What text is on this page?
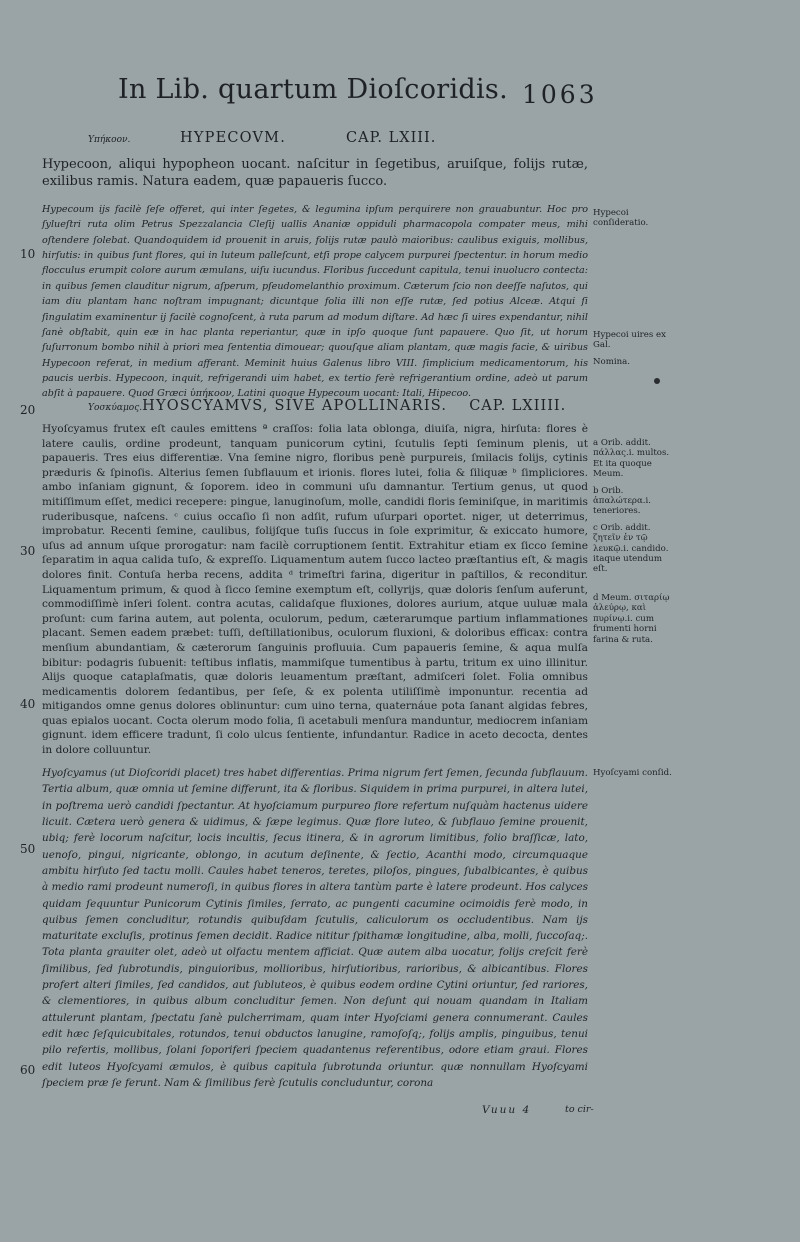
In Lib. quartum Dioſcoridis. 1063
Υπήκοον.	HYPECOVM.	CAP. LXIII.

Hypecoon, aliqui hypopheon uocant. naſcitur in ſegetibus, aruiſque, folijs rutæ, exilibus ramis. Natura eadem, quæ papaueris ſucco.

Hypecoum ijs facilè ſeſe offeret, qui inter ſegetes, & legumina ipſum perquirere non grauabuntur. Hoc pro ſylueſtri ruta olim Petrus Spezzalancia Cleſij uallis Ananiæ oppiduli pharmacopola compater meus, mihi oſtendere ſolebat. Quandoquidem id prouenit in aruis, folijs rutæ paulò maioribus: caulibus exiguis, mollibus, hirſutis: in quibus ſunt flores, qui in luteum palleſcunt, etſi prope calycem purpurei ſpectentur. in horum medio flocculus erumpit colore aurum æmulans, uiſu iucundus. Floribus ſuccedunt capitula, tenui inuolucro contecta: in quibus ſemen clauditur nigrum, aſperum, pſeudomelanthio proximum. Cæterum ſcio non deeſſe naſutos, qui iam diu plantam hanc noſtram impugnant; dicuntque folia illi non eſſe rutæ, ſed potius Alceæ. Atqui ſi ſingulatim examinentur ij facilè cognoſcent, à ruta parum ad modum diſtare. Ad hæc ſi uires expendantur, nihil ſanè obſtabit, quin eæ in hac planta reperiantur, quæ in ipſo quoque ſunt papauere. Quo ſit, ut horum ſuſurronum bombo nihil à priori mea ſententia dimouear; quouſque aliam plantam, quæ magis facie, & uiribus Hypecoon referat, in medium afferant. Meminit huius Galenus libro VIII. ſimplicium medicamentorum, his paucis uerbis. Hypecoon, inquit, refrigerandi uim habet, ex tertio ferè refrigerantium ordine, adeò ut parum abſit à papauere. Quod Græci ὑπήκοον, Latini quoque Hypecoum uocant: Itali, Hipecoo.

Υοσκύαμος. HYOSCYAMVS, SIVE APOLLINARIS. CAP. LXIIII.

Hyoſcyamus frutex eſt caules emittens ª craſſos: folia lata oblonga, diuiſa, nigra, hirſuta: flores è latere caulis, ordine prodeunt, tanquam punicorum cytini, ſcutulis ſepti ſeminum plenis, ut papaueris. Tres eius differentiæ. Vna ſemine nigro, floribus penè purpureis, ſmilacis folijs, cytinis præduris & ſpinoſis. Alterius ſemen ſubflauum et irionis. flores lutei, folia & ſiliquæ ᵇ ſimpliciores. ambo inſaniam gignunt, & ſoporem. ideo in communi uſu damnantur. Tertium genus, ut quod mitiſſimum eſſet, medici recepere: pingue, lanuginoſum, molle, candidi floris ſeminiſque, in maritimis ruderibusque, naſcens. ᶜ cuius occaſio ſi non adſit, rufum uſurpari oportet. niger, ut deterrimus, improbatur. Recenti ſemine, caulibus, folijſque tuſis ſuccus in ſole exprimitur, & exiccato humore, uſus ad annum uſque prorogatur: nam facilè corruptionem ſentit. Extrahitur etiam ex ſicco ſemine ſeparatim in aqua calida tuſo, & expreſſo. Liquamentum autem ſucco lacteo præſtantius eſt, & magis dolores finit. Contuſa herba recens, addita ᵈ trimeſtri farina, digeritur in paſtillos, & reconditur. Liquamentum primum, & quod à ſicco ſemine exemptum eſt, collyrijs, quæ doloris ſenſum auferunt, commodiſſimè inſeri ſolent. contra acutas, calidaſque fluxiones, dolores aurium, atque uuluæ mala proſunt: cum farina autem, aut polenta, oculorum, pedum, cæterarumque partium inflammationes placant. Semen eadem præbet: tuſſi, deſtillationibus, oculorum fluxioni, & doloribus efficax: contra menſium abundantiam, & cæterorum ſanguinis profluuia. Cum papaueris ſemine, & aqua mulſa bibitur: podagris ſubuenit: teſtibus inflatis, mammiſque tumentibus à partu, tritum ex uino illinitur. Alijs quoque cataplaſmatis, quæ doloris leuamentum præſtant, admiſceri ſolet. Folia omnibus medicamentis dolorem ſedantibus, per ſeſe, & ex polenta utiliſſimè imponuntur. recentia ad mitigandos omne genus dolores oblinuntur: cum uino terna, quaternáue pota ſanant algidas febres, quas epialos uocant. Cocta olerum modo folia, ſi acetabuli menſura manduntur, mediocrem inſaniam gignunt. idem efficere tradunt, ſi colo ulcus ſentiente, infundantur. Radice in aceto decocta, dentes in dolore colluuntur.

Hyoſcyamus (ut Dioſcoridi placet) tres habet differentias. Prima nigrum fert ſemen, ſecunda ſubflauum. Tertia album, quæ omnia ut ſemine differunt, ita & floribus. Siquidem in prima purpurei, in altera lutei, in poſtrema uerò candidi ſpectantur. At hyoſciamum purpureo flore refertum nuſquàm hactenus uidere licuit. Cætera uerò genera & uidimus, & ſæpe legimus. Quæ flore luteo, & ſubflauo ſemine prouenit, ubiq; ferè locorum naſcitur, locis incultis, ſecus itinera, & in agrorum limitibus, folio braſſicæ, lato, uenoſo, pingui, nigricante, oblongo, in acutum deſinente, & ſectio, Acanthi modo, circumquaque ambitu hirſuto ſed tactu molli. Caules habet teneros, teretes, piloſos, pingues, ſubalbicantes, è quibus à medio rami prodeunt numeroſi, in quibus flores in altera tantùm parte è latere prodeunt. Hos calyces quidam ſequuntur Punicorum Cytinis ſimiles, ſerrato, ac pungenti cacumine ocimoidis ferè modo, in quibus ſemen concluditur, rotundis quibuſdam ſcutulis, caliculorum os occludentibus. Nam ijs maturitate excluſis, protinus ſemen decidit. Radice nititur ſpithamæ longitudine, alba, molli, ſuccoſaq;. Tota planta grauiter olet, adeò ut olfactu mentem afficiat. Quæ autem alba uocatur, folijs creſcit ferè ſimilibus, ſed ſubrotundis, pinguioribus, mollioribus, hirſutioribus, rarioribus, & albicantibus. Flores profert alteri ſimiles, ſed candidos, aut ſubluteos, è quibus eodem ordine Cytini oriuntur, ſed rariores, & clementiores, in quibus album concluditur ſemen. Non deſunt qui nouam quandam in Italiam attulerunt plantam, ſpectatu ſanè pulcherrimam, quam inter Hyoſciami genera connumerant. Caules edit hæc ſeſquicubitales, rotundos, tenui obductos lanugine, ramoſoſq;, folijs amplis, pinguibus, tenui pilo refertis, mollibus, ſolani ſoporiferi ſpeciem quadantenus referentibus, odore etiam graui. Flores edit luteos Hyoſcyami æmulos, è quibus capitula ſubrotunda oriuntur. quæ nonnullam Hyoſcyami ſpeciem præ ſe ferunt. Nam & ſimilibus ferè ſcutulis concluduntur, corona

10
20
30
40
50
60

Hypecoi conſideratio.

Hypecoi uires ex Gal.

Nomina.

a Orib. addit. πάλλας.i. multos. Et ita quoque Meum.

b Orib. ἁπαλώτερα.i. teneriores.

c Orib. addit. ζητεῖν ἐν τῷ λευκῷ.i. candido. itaque utendum eſt.

d Meum. σιταρίῳ ἀλεύρῳ, καὶ πυρίνῳ.i. cum frumenti horni farina & ruta.

Hyoſcyami conſid.

Vuuu 4	to cir-
